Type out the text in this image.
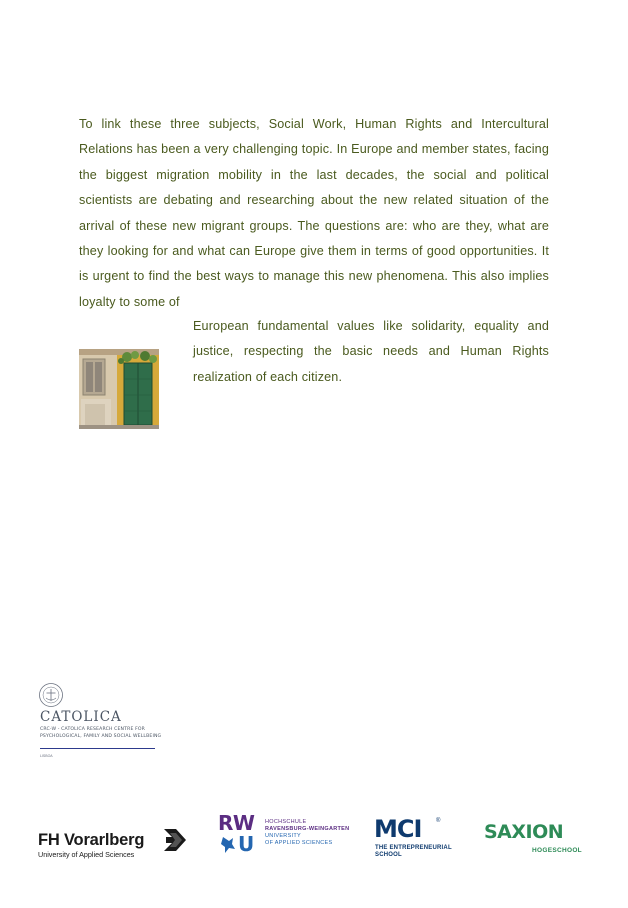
To link these three subjects, Social Work, Human Rights and Intercultural Relations has been a very challenging topic. In Europe and member states, facing the biggest migration mobility in the last decades, the social and political scientists are debating and researching about the new related situation of the arrival of these new migrant groups. The questions are: who are they, what are they looking for and what can Europe give them in terms of good opportunities. It is urgent to find the best ways to manage this new phenomena. This also implies loyalty to some of

European fundamental values like solidarity, equality and justice, respecting the basic needs and Human Rights realization of each citizen.

CATOLICA
CRC-W - CATOLICA RESEARCH CENTRE FOR
PSYCHOLOGICAL, FAMILY AND SOCIAL WELLBEING
LISBOA
FH Vorarlberg
University of Applied Sciences
RW
U
HOCHSCHULE
RAVENSBURG-WEINGARTEN
UNIVERSITY
OF APPLIED SCIENCES MCI ®
THE ENTREPRENEURIAL
SCHOOL
SAXION
HOGESCHOOL
